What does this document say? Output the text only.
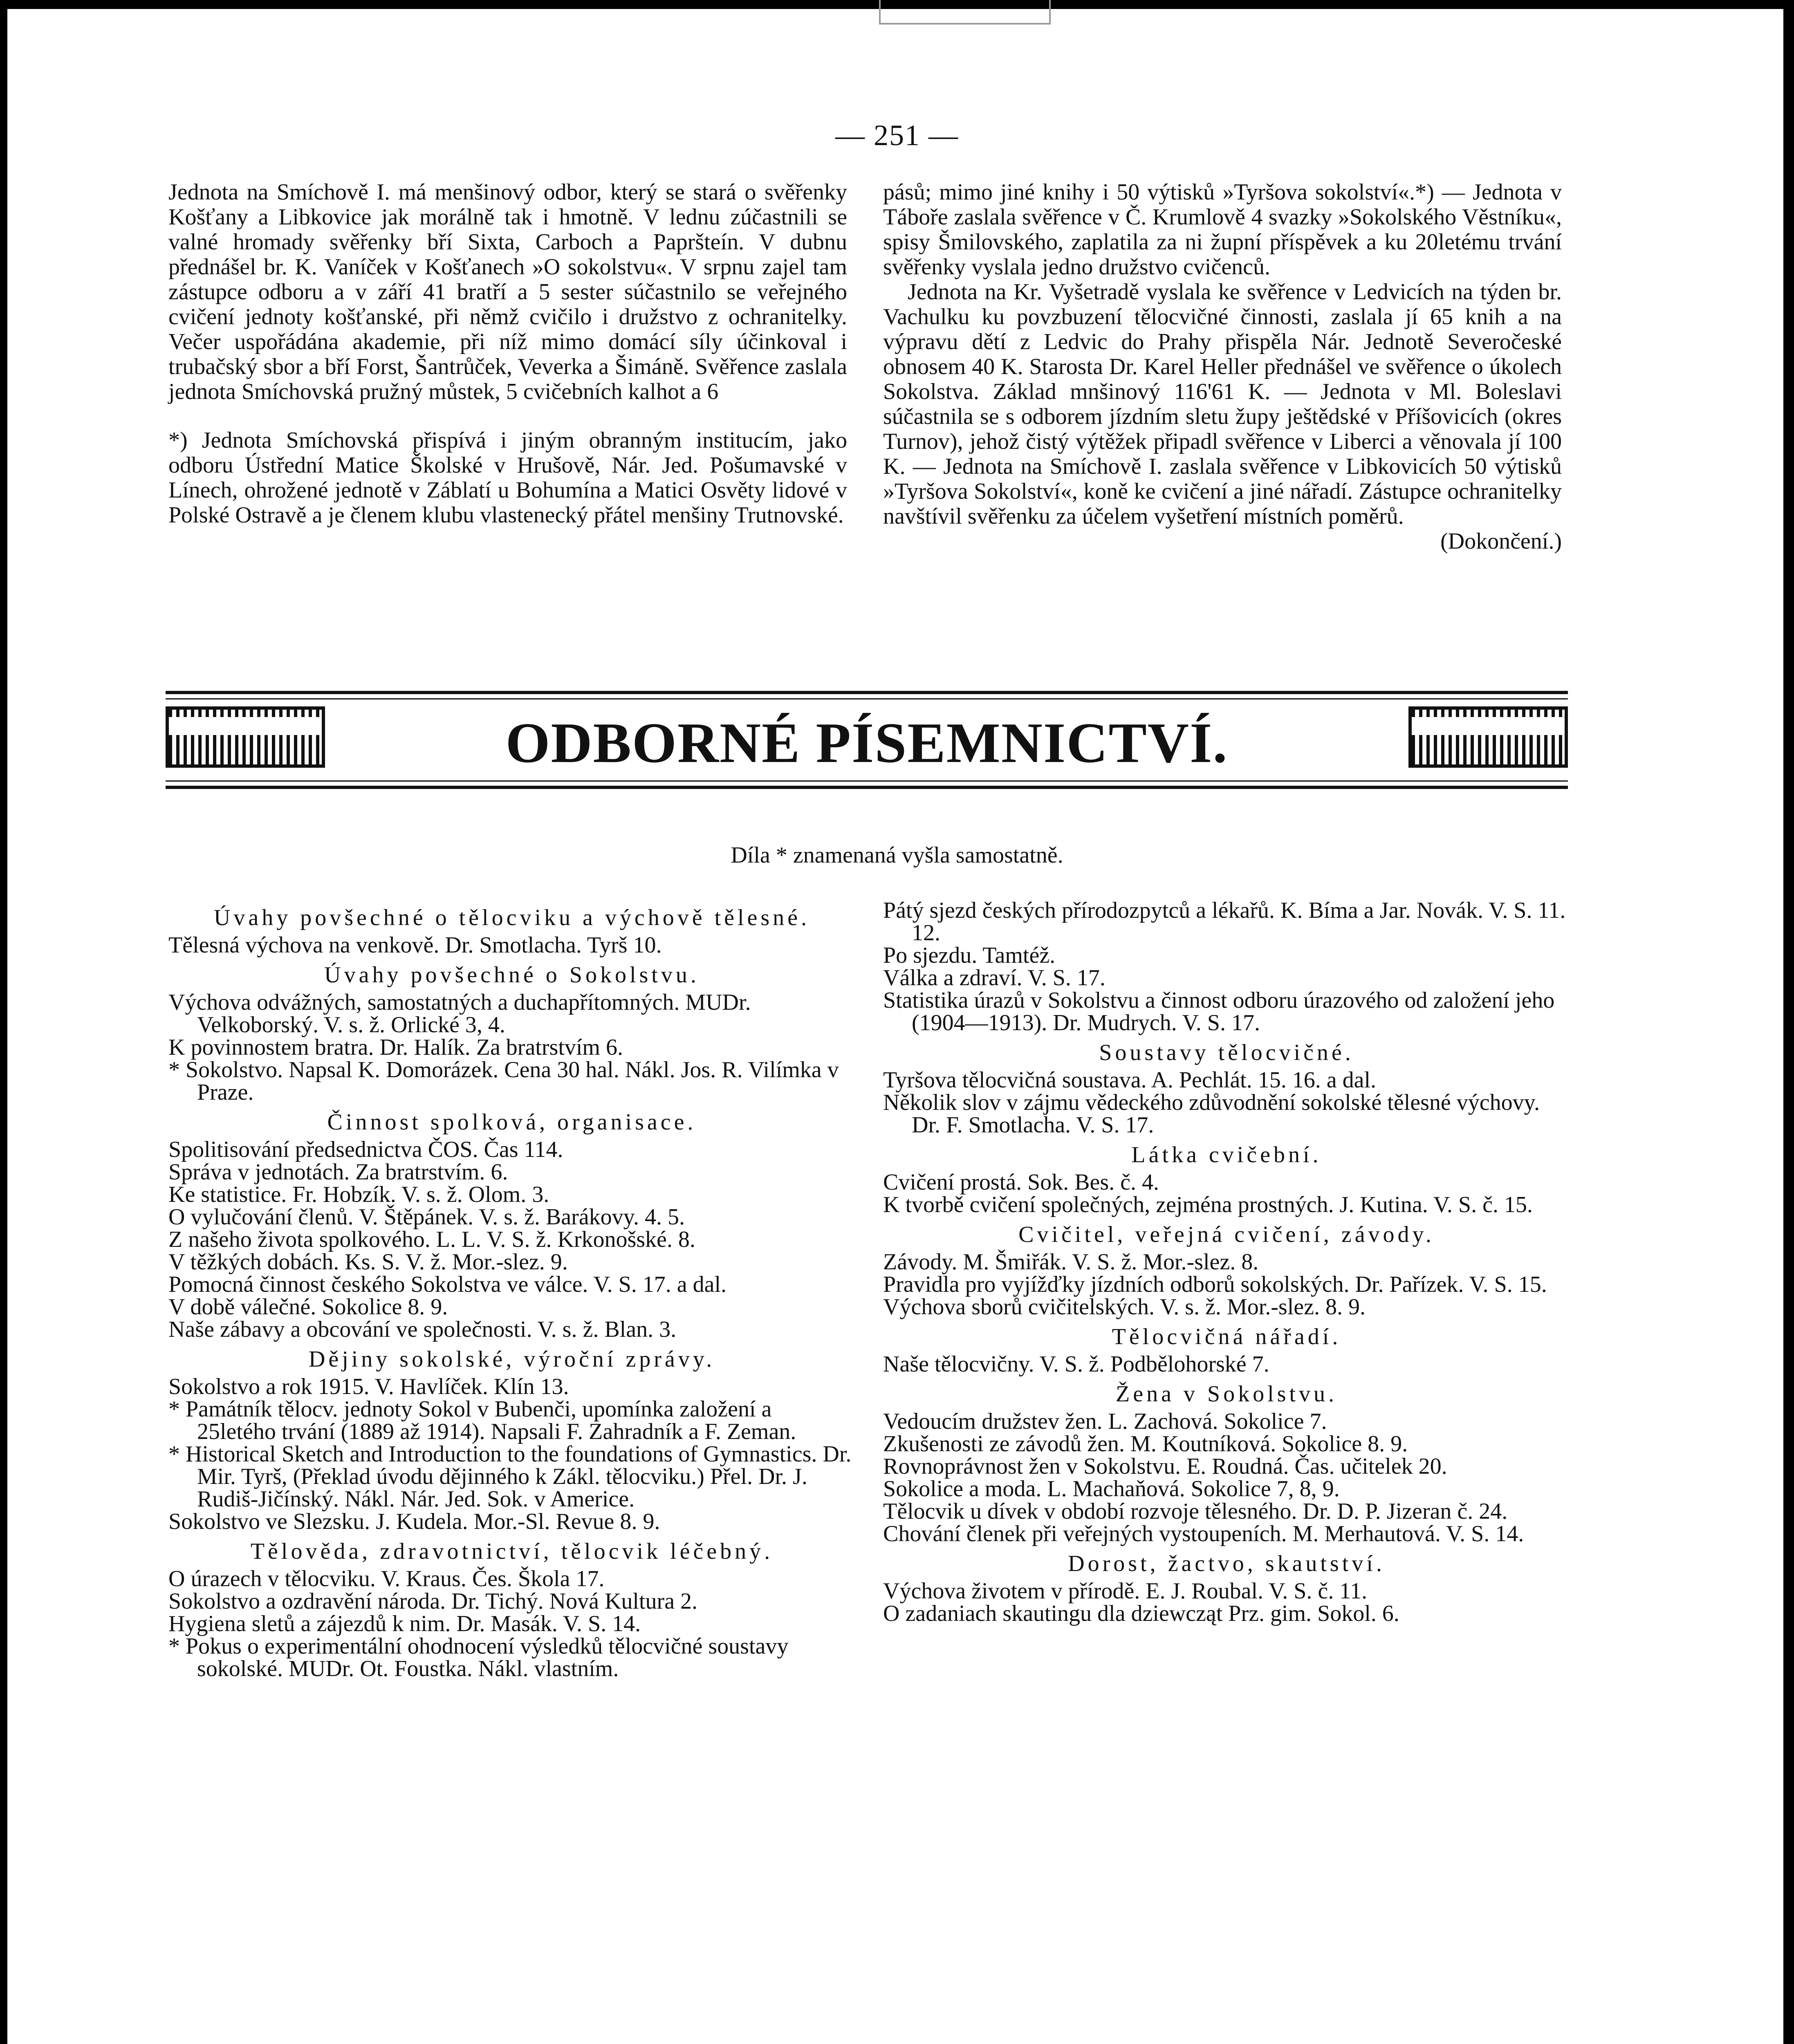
— 251 —

Jednota na Smíchově I. má menšinový odbor, který se stará o svěřenky Košťany a Libkovice jak morálně tak i hmotně. V lednu zúčastnili se valné hromady svěřenky bří Sixta, Carboch a Papršteín. V dubnu přednášel br. K. Vaníček v Košťanech »O sokolstvu«. V srpnu zajel tam zástupce odboru a v září 41 bratří a 5 sester súčastnilo se veřejného cvičení jednoty košťanské, při němž cvičilo i družstvo z ochranitelky. Večer uspořádána akademie, při níž mimo domácí síly účinkoval i trubačský sbor a bří Forst, Šantrůček, Veverka a Šimáně. Svěřence zaslala jednota Smíchovská pružný můstek, 5 cvičebních kalhot a 6

*) Jednota Smíchovská přispívá i jiným obranným institucím, jako odboru Ústřední Matice Školské v Hrušově, Nár. Jed. Pošumavské v Línech, ohrožené jednotě v Záblatí u Bohumína a Matici Osvěty lidové v Polské Ostravě a je členem klubu vlastenecký přátel menšiny Trutnovské.

pásů; mimo jiné knihy i 50 výtisků »Tyršova sokolství«.*) — Jednota v Táboře zaslala svěřence v Č. Krumlově 4 svazky »Sokolského Věstníku«, spisy Šmilovského, zaplatila za ni župní příspěvek a ku 20letému trvání svěřenky vyslala jedno družstvo cvičenců.

Jednota na Kr. Vyšetradě vyslala ke svěřence v Ledvicích na týden br. Vachulku ku povzbuzení tělocvičné činnosti, zaslala jí 65 knih a na výpravu dětí z Ledvic do Prahy přispěla Nár. Jednotě Severočeské obnosem 40 K. Starosta Dr. Karel Heller přednášel ve svěřence o úkolech Sokolstva. Základ mnšinový 116'61 K. — Jednota v Ml. Boleslavi súčastnila se s odborem jízdním sletu župy ještědské v Příšovicích (okres Turnov), jehož čistý výtěžek připadl svěřence v Liberci a věnovala jí 100 K. — Jednota na Smíchově I. zaslala svěřence v Libkovicích 50 výtisků »Tyršova Sokolství«, koně ke cvičení a jiné nářadí. Zástupce ochranitelky navštívil svěřenku za účelem vyšetření místních poměrů.

(Dokončení.)

ODBORNÉ PÍSEMNICTVÍ.
Díla * znamenaná vyšla samostatně.
Úvahy povšechné o tělocviku a výchově tělesné.

Tělesná výchova na venkově. Dr. Smotlacha. Tyrš 10.

Úvahy povšechné o Sokolstvu.

Výchova odvážných, samostatných a duchapřítomných. MUDr. Velkoborský. V. s. ž. Orlické 3, 4.

K povinnostem bratra. Dr. Halík. Za bratrstvím 6.

* Sokolstvo. Napsal K. Domorázek. Cena 30 hal. Nákl. Jos. R. Vilímka v Praze.

Činnost spolková, organisace.

Spolitisování předsednictva ČOS. Čas 114.

Správa v jednotách. Za bratrstvím. 6.

Ke statistice. Fr. Hobzík. V. s. ž. Olom. 3.

O vylučování členů. V. Štěpánek. V. s. ž. Barákovy. 4. 5.

Z našeho života spolkového. L. L. V. S. ž. Krkonošské. 8.

V těžkých dobách. Ks. S. V. ž. Mor.-slez. 9.

Pomocná činnost českého Sokolstva ve válce. V. S. 17. a dal.

V době válečné. Sokolice 8. 9.

Naše zábavy a obcování ve společnosti. V. s. ž. Blan. 3.

Dějiny sokolské, výroční zprávy.

Sokolstvo a rok 1915. V. Havlíček. Klín 13.

* Památník tělocv. jednoty Sokol v Bubenči, upomínka založení a 25letého trvání (1889 až 1914). Napsali F. Zahradník a F. Zeman.

* Historical Sketch and Introduction to the foundations of Gymnastics. Dr. Mir. Tyrš, (Překlad úvodu dějinného k Zákl. tělocviku.) Přel. Dr. J. Rudiš-Jičínský. Nákl. Nár. Jed. Sok. v Americe.

Sokolstvo ve Slezsku. J. Kudela. Mor.-Sl. Revue 8. 9.

Tělověda, zdravotnictví, tělocvik léčebný.

O úrazech v tělocviku. V. Kraus. Čes. Škola 17.

Sokolstvo a ozdravění národa. Dr. Tichý. Nová Kultura 2.

Hygiena sletů a zájezdů k nim. Dr. Masák. V. S. 14.

* Pokus o experimentální ohodnocení výsledků tělocvičné soustavy sokolské. MUDr. Ot. Foustka. Nákl. vlastním.

Pátý sjezd českých přírodozpytců a lékařů. K. Bíma a Jar. Novák. V. S. 11. 12.

Po sjezdu. Tamtéž.

Válka a zdraví. V. S. 17.

Statistika úrazů v Sokolstvu a činnost odboru úrazového od založení jeho (1904—1913). Dr. Mudrych. V. S. 17.

Soustavy tělocvičné.

Tyršova tělocvičná soustava. A. Pechlát. 15. 16. a dal.

Několik slov v zájmu vědeckého zdůvodnění sokolské tělesné výchovy. Dr. F. Smotlacha. V. S. 17.

Látka cvičební.

Cvičení prostá. Sok. Bes. č. 4.

K tvorbě cvičení společných, zejména prostných. J. Kutina. V. S. č. 15.

Cvičitel, veřejná cvičení, závody.

Závody. M. Šmiřák. V. S. ž. Mor.-slez. 8.

Pravidla pro vyjížďky jízdních odborů sokolských. Dr. Pařízek. V. S. 15.

Výchova sborů cvičitelských. V. s. ž. Mor.-slez. 8. 9.

Tělocvičná nářadí.

Naše tělocvičny. V. S. ž. Podbělohorské 7.

Žena v Sokolstvu.

Vedoucím družstev žen. L. Zachová. Sokolice 7.

Zkušenosti ze závodů žen. M. Koutníková. Sokolice 8. 9.

Rovnoprávnost žen v Sokolstvu. E. Roudná. Čas. učitelek 20.

Sokolice a moda. L. Machaňová. Sokolice 7, 8, 9.

Tělocvik u dívek v období rozvoje tělesného. Dr. D. P. Jizeran č. 24.

Chování členek při veřejných vystoupeních. M. Merhautová. V. S. 14.

Dorost, žactvo, skautství.

Výchova životem v přírodě. E. J. Roubal. V. S. č. 11.

O zadaniach skautingu dla dziewcząt Prz. gim. Sokol. 6.
